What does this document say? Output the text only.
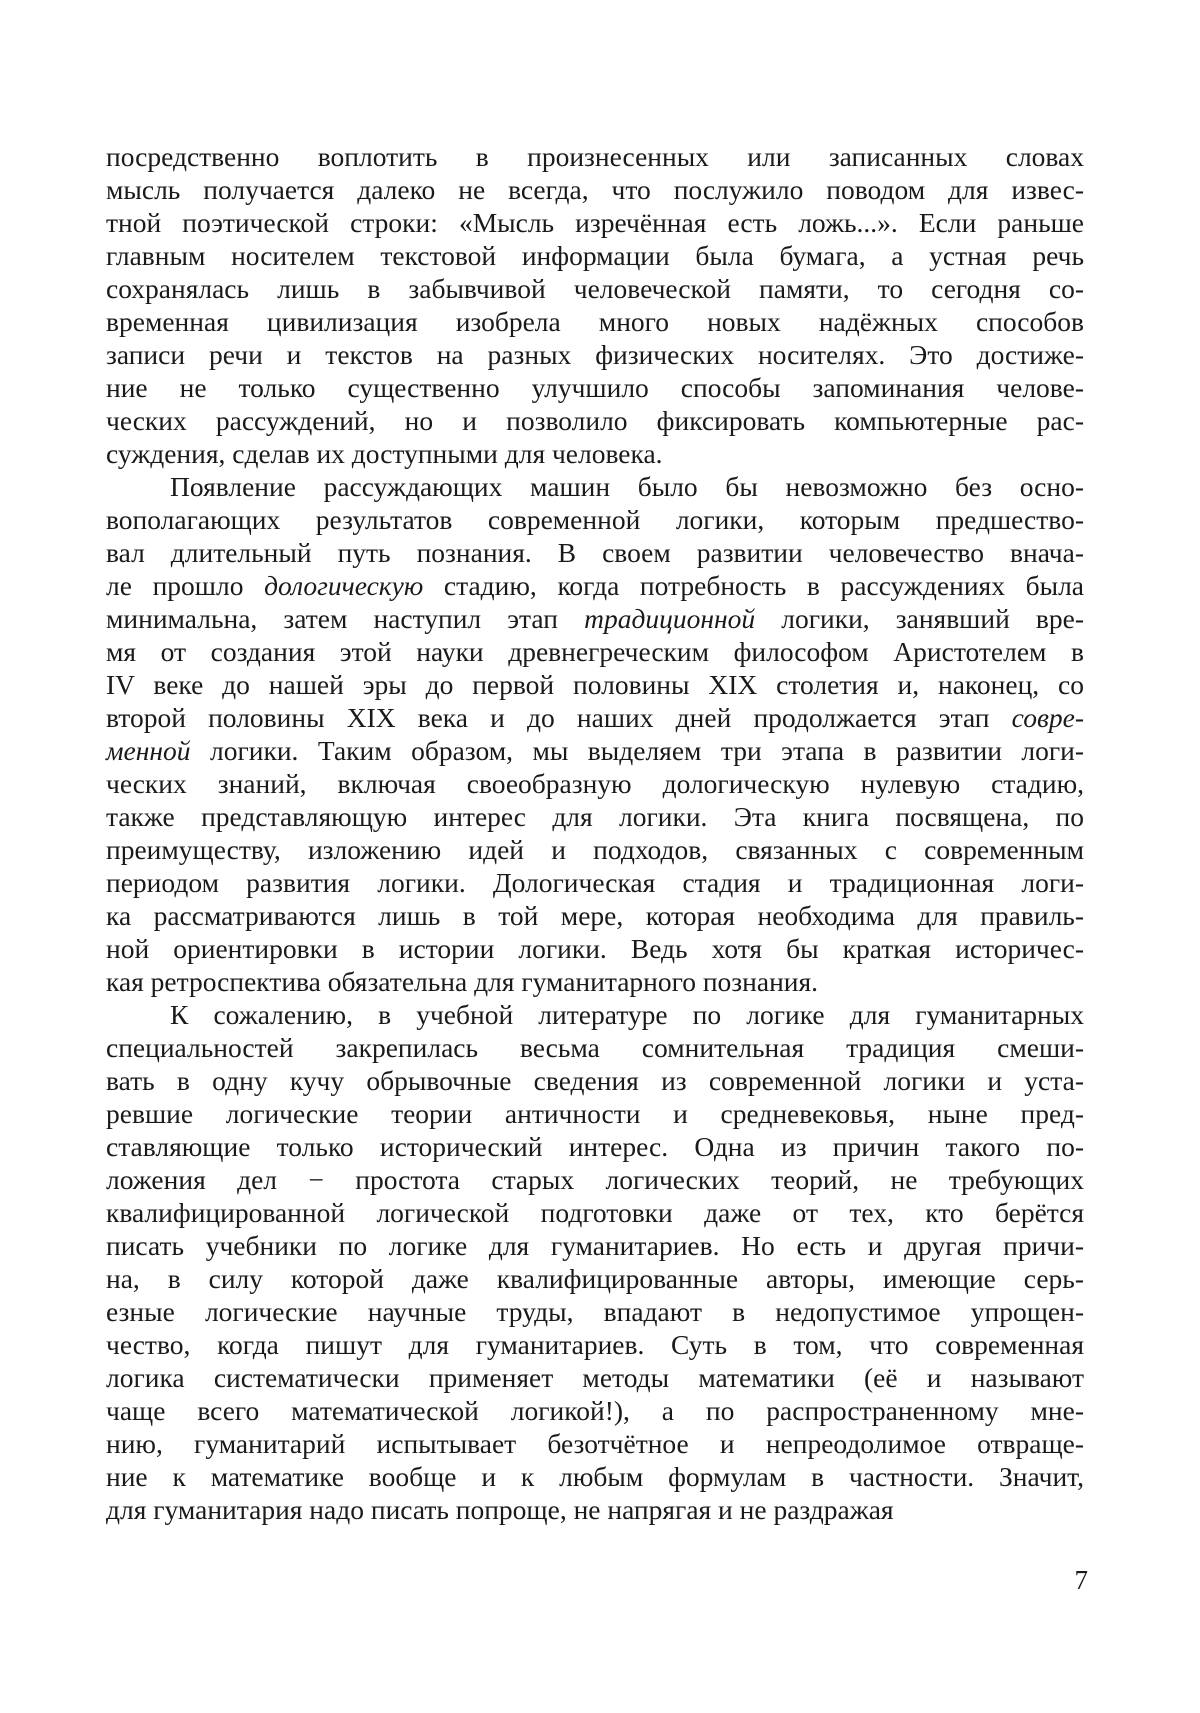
посредственно воплотить в произнесенных или записанных словах
мысль получается далеко не всегда, что послужило поводом для извес-
тной поэтической строки: «Мысль изречённая есть ложь...». Если раньше
главным носителем текстовой информации была бумага, а устная речь
сохранялась лишь в забывчивой человеческой памяти, то сегодня со-
временная цивилизация изобрела много новых надёжных способов
записи речи и текстов на разных физических носителях. Это достиже-
ние не только существенно улучшило способы запоминания челове-
ческих рассуждений, но и позволило фиксировать компьютерные рас-
суждения, сделав их доступными для человека.

Появление рассуждающих машин было бы невозможно без осно-
вополагающих результатов современной логики, которым предшество-
вал длительный путь познания. В своем развитии человечество внача-
ле прошло дологическую стадию, когда потребность в рассуждениях была
минимальна, затем наступил этап традиционной логики, занявший вре-
мя от создания этой науки древнегреческим философом Аристотелем в
IV веке до нашей эры до первой половины XIX столетия и, наконец, со
второй половины XIX века и до наших дней продолжается этап совре-
менной логики. Таким образом, мы выделяем три этапа в развитии логи-
ческих знаний, включая своеобразную дологическую нулевую стадию,
также представляющую интерес для логики. Эта книга посвящена, по
преимуществу, изложению идей и подходов, связанных с современным
периодом развития логики. Дологическая стадия и традиционная логи-
ка рассматриваются лишь в той мере, которая необходима для правиль-
ной ориентировки в истории логики. Ведь хотя бы краткая историчес-
кая ретроспектива обязательна для гуманитарного познания.

К сожалению, в учебной литературе по логике для гуманитарных
специальностей закрепилась весьма сомнительная традиция смеши-
вать в одну кучу обрывочные сведения из современной логики и уста-
ревшие логические теории античности и средневековья, ныне пред-
ставляющие только исторический интерес. Одна из причин такого по-
ложения дел − простота старых логических теорий, не требующих
квалифицированной логической подготовки даже от тех, кто берётся
писать учебники по логике для гуманитариев. Но есть и другая причи-
на, в силу которой даже квалифицированные авторы, имеющие серь-
езные логические научные труды, впадают в недопустимое упрощен-
чество, когда пишут для гуманитариев. Суть в том, что современная
логика систематически применяет методы математики (её и называют
чаще всего математической логикой!), а по распространенному мне-
нию, гуманитарий испытывает безотчётное и непреодолимое отвраще-
ние к математике вообще и к любым формулам в частности. Значит,
для гуманитария надо писать попроще, не напрягая и не раздражая

7
